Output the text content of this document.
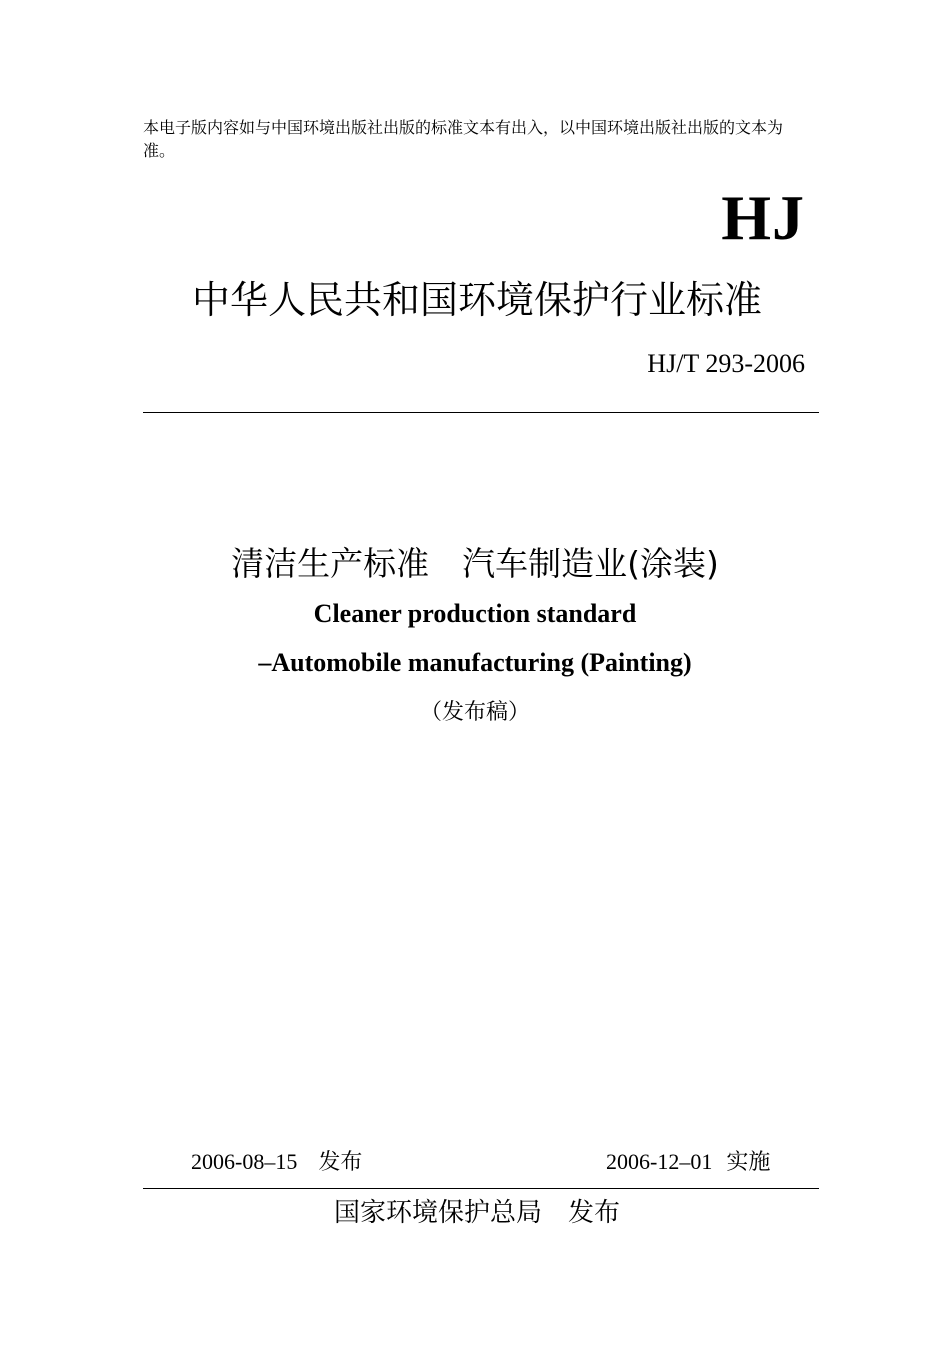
本电子版内容如与中国环境出版社出版的标准文本有出入，以中国环境出版社出版的文本为准。
HJ
中华人民共和国环境保护行业标准
HJ/T 293-2006
清洁生产标准　汽车制造业(涂装)
Cleaner production standard
–Automobile manufacturing (Painting)
（发布稿）
2006-08–15 发布	2006-12–01 实施
国家环境保护总局　发布
